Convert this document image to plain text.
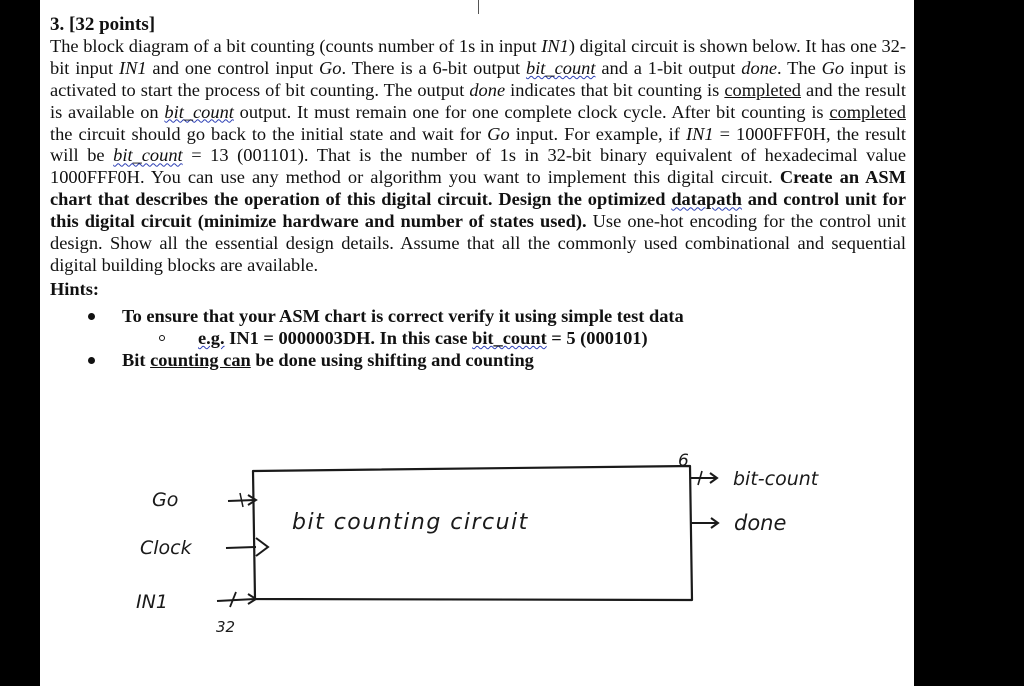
3. [32 points]

The block diagram of a bit counting (counts number of 1s in input IN1) digital circuit is shown below. It has one 32-bit input IN1 and one control input Go. There is a 6-bit output bit_count and a 1-bit output done. The Go input is activated to start the process of bit counting. The output done indicates that bit counting is completed and the result is available on bit_count output. It must remain one for one complete clock cycle. After bit counting is completed the circuit should go back to the initial state and wait for Go input. For example, if IN1 = 1000FFF0H, the result will be bit_count = 13 (001101). That is the number of 1s in 32-bit binary equivalent of hexadecimal value 1000FFF0H. You can use any method or algorithm you want to implement this digital circuit. Create an ASM chart that describes the operation of this digital circuit. Design the optimized datapath and control unit for this digital circuit (minimize hardware and number of states used). Use one-hot encoding for the control unit design. Show all the essential design details. Assume that all the commonly used combinational and sequential digital building blocks are available.

Hints:
To ensure that your ASM chart is correct verify it using simple test data
e.g. IN1 = 0000003DH. In this case bit_count = 5 (000101)
Bit counting can be done using shifting and counting
bit counting circuit
Go
Clock
IN1
32
6
bit-count
done
